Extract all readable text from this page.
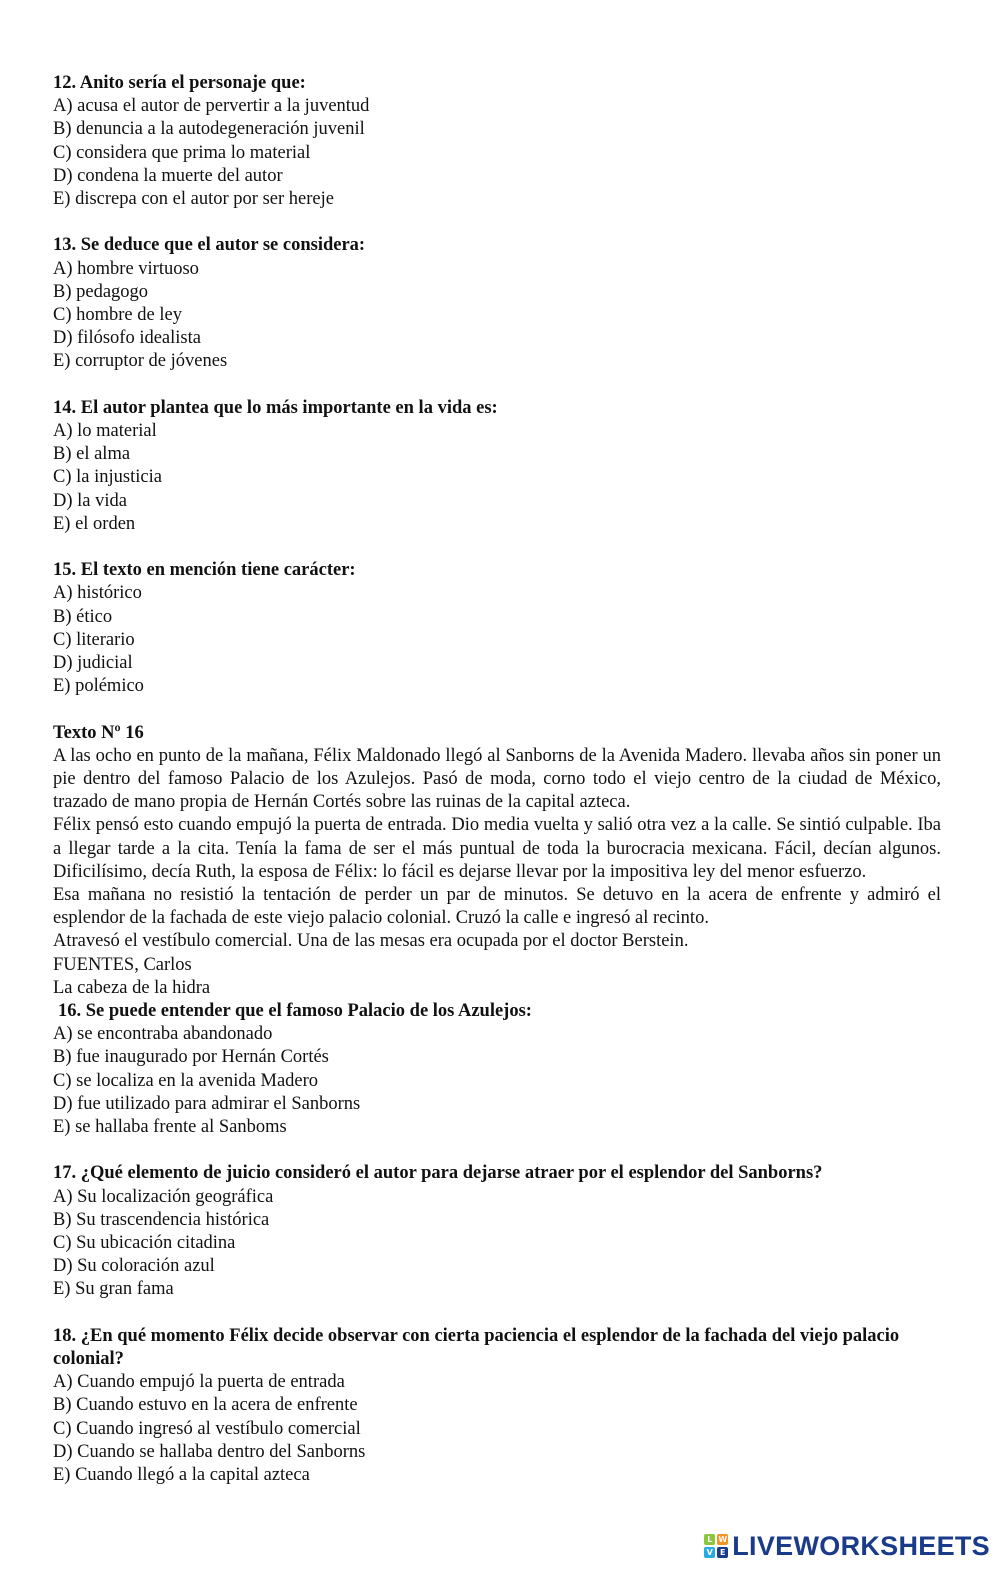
12. Anito sería el personaje que:
A) acusa el autor de pervertir a la juventud
B) denuncia a la autodegeneración juvenil
C) considera que prima lo material
D) condena la muerte del autor
E) discrepa con el autor por ser hereje
13. Se deduce que el autor se considera:
A) hombre virtuoso
B) pedagogo
C) hombre de ley
D) filósofo idealista
E) corruptor de jóvenes
14. El autor plantea que lo más importante en la vida es:
A) lo material
B) el alma
C) la injusticia
D) la vida
E) el orden
15. El texto en mención tiene carácter:
A) histórico
B) ético
C) literario
D) judicial
E) polémico
Texto Nº 16
A las ocho en punto de la mañana, Félix Maldonado llegó al Sanborns de la Avenida Madero. llevaba años sin poner un pie dentro del famoso Palacio de los Azulejos. Pasó de moda, corno todo el viejo centro de la ciudad de México, trazado de mano propia de Hernán Cortés sobre las ruinas de la capital azteca.
Félix pensó esto cuando empujó la puerta de entrada. Dio media vuelta y salió otra vez a la calle. Se sintió culpable. Iba a llegar tarde a la cita. Tenía la fama de ser el más puntual de toda la burocracia mexicana. Fácil, decían algunos. Dificilísimo, decía Ruth, la esposa de Félix: lo fácil es dejarse llevar por la impositiva ley del menor esfuerzo.
Esa mañana no resistió la tentación de perder un par de minutos. Se detuvo en la acera de enfrente y admiró el esplendor de la fachada de este viejo palacio colonial. Cruzó la calle e ingresó al recinto.
Atravesó el vestíbulo comercial. Una de las mesas era ocupada por el doctor Berstein.
FUENTES, Carlos
La cabeza de la hidra
16. Se puede entender que el famoso Palacio de los Azulejos:
A) se encontraba abandonado
B) fue inaugurado por Hernán Cortés
C) se localiza en la avenida Madero
D) fue utilizado para admirar el Sanborns
E) se hallaba frente al Sanboms
17. ¿Qué elemento de juicio consideró el autor para dejarse atraer por el esplendor del Sanborns?
A) Su localización geográfica
B) Su trascendencia histórica
C) Su ubicación citadina
D) Su coloración azul
E) Su gran fama
18. ¿En qué momento Félix decide observar con cierta paciencia el esplendor de la fachada del viejo palacio colonial?
A) Cuando empujó la puerta de entrada
B) Cuando estuvo en la acera de enfrente
C) Cuando ingresó al vestíbulo comercial
D) Cuando se hallaba dentro del Sanborns
E) Cuando llegó a la capital azteca
L W
V E LIVEWORKSHEETS
